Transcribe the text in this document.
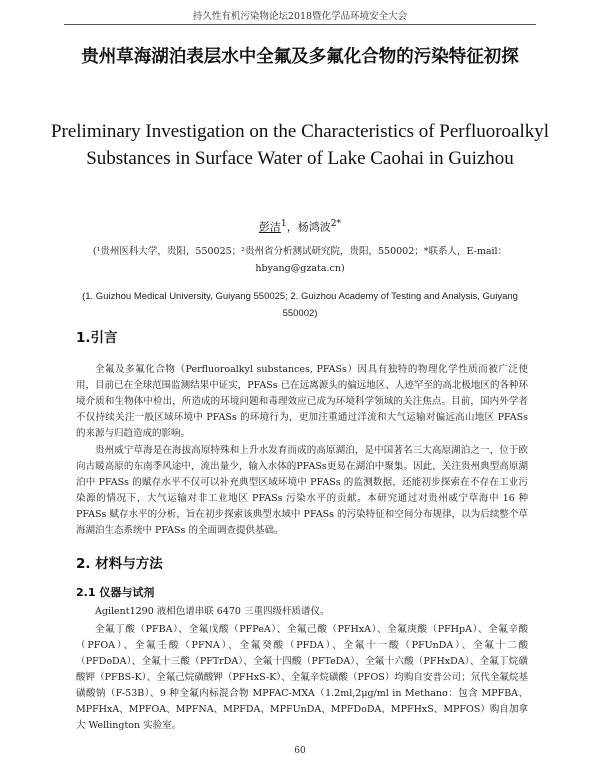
持久性有机污染物论坛2018暨化学品环境安全大会
贵州草海湖泊表层水中全氟及多氟化合物的污染特征初探
Preliminary Investigation on the Characteristics of Perfluoroalkyl Substances in Surface Water of Lake Caohai in Guizhou
彭洁$^1$，杨鸿波$^{2*}$
(¹贵州医科大学，贵阳，550025；²贵州省分析测试研究院，贵阳，550002；*联系人，E-mail：hbyang@gzata.cn)
(1. Guizhou Medical University, Guiyang 550025; 2. Guizhou Academy of Testing and Analysis, Guiyang 550002)
1.引言
全氟及多氟化合物（Perfluoroalkyl substances, PFASs）因具有独特的物理化学性质而被广泛使用，目前已在全球范围监测结果中证实，PFASs 已在远离源头的偏远地区、人迹罕至的高北极地区的各种环境介质和生物体中检出，所造成的环境问题和毒理效应已成为环境科学领域的关注焦点。目前，国内外学者不仅持续关注一般区域环境中 PFASs 的环境行为，更加注重通过洋流和大气运输对偏远高山地区 PFASs 的来源与归趋造成的影响。
贵州威宁草海是在海拔高原特殊和上升水发育而成的高原湖泊，是中国著名三大高原湖泊之一，位于欧向古暖高原的东南季风途中，流出量少，输入水体的PFASs更易在湖泊中聚集。因此，关注贵州典型高原湖泊中 PFASs 的赋存水平不仅可以补充典型区域环境中 PFASs 的监测数据，还能初步探索在不存在工业污染源的情况下，大气运输对非工业地区 PFASs 污染水平的贡献。本研究通过对贵州威宁草海中 16 种 PFASs 赋存水平的分析，旨在初步探索该典型水域中 PFASs 的污染特征和空间分布规律，以为后续整个草海湖泊生态系统中 PFASs 的全面调查提供基础。
2. 材料与方法
2.1 仪器与试剂
Agilent1290 液相色谱串联 6470 三重四级杆质谱仪。
全氟丁酸（PFBA）、全氟戊酸（PFPeA）、全氟己酸（PFHxA）、全氟庚酸（PFHpA）、全氟辛酸（PFOA）、全氟壬酸（PFNA）、全氟癸酸（PFDA）、全氟十一酸（PFUnDA）、全氟十二酸（PFDoDA）、全氟十三酸（PFTrDA）、全氟十四酸（PFTeDA）、全氟十六酸（PFHxDA）、全氟丁烷磺酸钾（PFBS-K）、全氟己烷磺酸钾（PFHxS-K）、全氟辛烷磺酸（PFOS）均购自安普公司；氘代全氟烷基磺酸钠（F-53B）、9 种全氟内标混合物 MPFAC-MXA（1.2ml,2μg/ml in Methano：包含 MPFBA、MPFHxA、MPFOA、MPFNA、MPFDA、MPFUnDA、MPFDoDA、MPFHxS、MPFOS）购自加拿大 Wellington 实验室。
60
